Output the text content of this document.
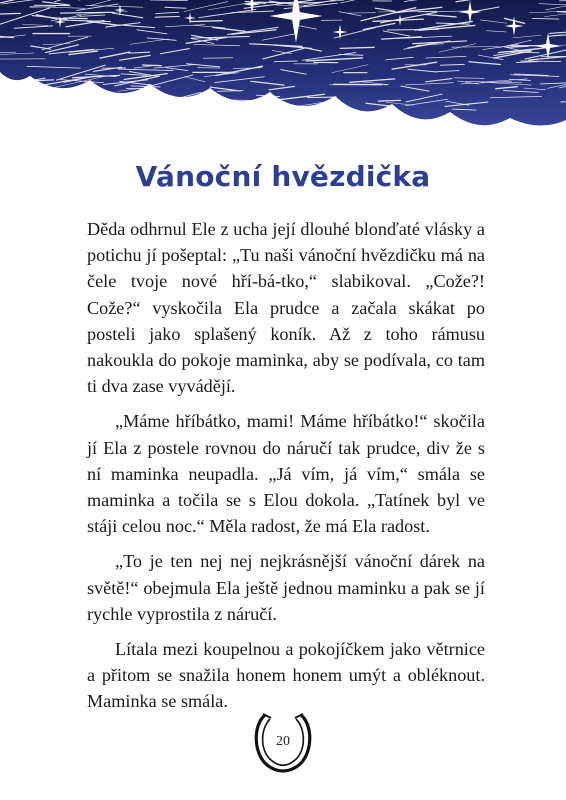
Vánoční hvězdička

Děda odhrnul Ele z ucha její dlouhé blonďaté vlásky a potichu jí pošeptal: „Tu naši vánoční hvězdičku má na čele tvoje nové hří-bá-tko,“ slabikoval. „Cože?! Cože?“ vyskočila Ela prudce a začala skákat po posteli jako splašený koník. Až z toho rámusu nakoukla do pokoje maminka, aby se podívala, co tam ti dva zase vyvádějí.

„Máme hříbátko, mami! Máme hříbátko!“ skočila jí Ela z postele rovnou do náručí tak prudce, div že s ní maminka neupadla. „Já vím, já vím,“ smála se maminka a točila se s Elou dokola. „Tatínek byl ve stáji celou noc.“ Měla radost, že má Ela radost.

„To je ten nej nej nejkrásnější vánoční dárek na světě!“ obejmula Ela ještě jednou maminku a pak se jí rychle vyprostila z náručí.

Lítala mezi koupelnou a pokojíčkem jako větrnice a přitom se snažila honem honem umýt a obléknout. Maminka se smála.

20
